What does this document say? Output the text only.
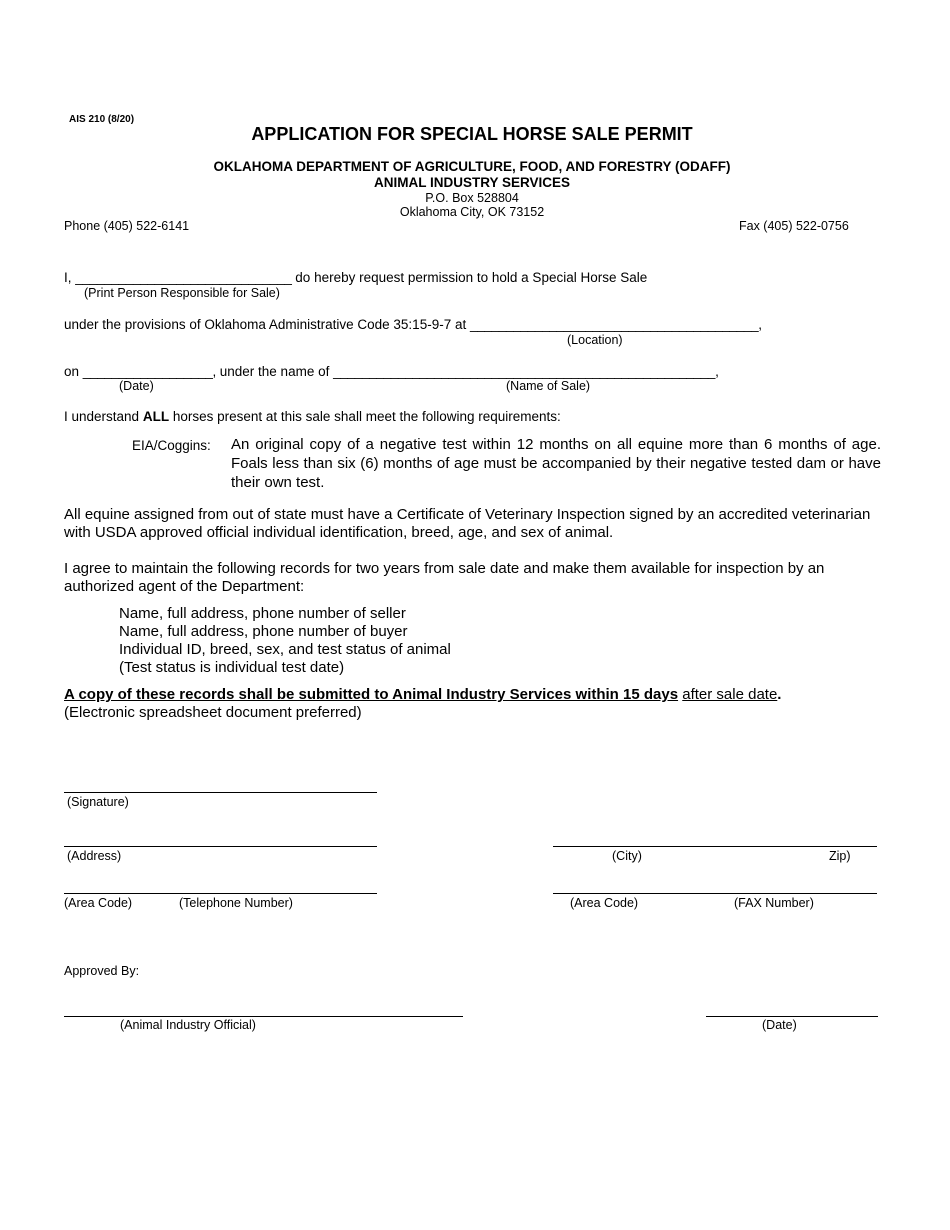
AIS 210 (8/20)
APPLICATION FOR SPECIAL HORSE SALE PERMIT
OKLAHOMA DEPARTMENT OF AGRICULTURE, FOOD, AND FORESTRY (ODAFF)
ANIMAL INDUSTRY SERVICES
P.O. Box 528804
Oklahoma City, OK 73152
Phone (405) 522-6141	Fax (405) 522-0756
I, ______________________________ do hereby request permission to hold a Special Horse Sale
(Print Person Responsible for Sale)
under the provisions of Oklahoma Administrative Code 35:15-9-7 at ________________________________________,
(Location)
on __________________, under the name of _____________________________________________________,
(Date)	(Name of Sale)
I understand ALL horses present at this sale shall meet the following requirements:
EIA/Coggins: An original copy of a negative test within 12 months on all equine more than 6 months of age. Foals less than six (6) months of age must be accompanied by their negative tested dam or have their own test.
All equine assigned from out of state must have a Certificate of Veterinary Inspection signed by an accredited veterinarian with USDA approved official individual identification, breed, age, and sex of animal.
I agree to maintain the following records for two years from sale date and make them available for inspection by an authorized agent of the Department:
Name, full address, phone number of seller
Name, full address, phone number of buyer
Individual ID, breed, sex, and test status of animal
(Test status is individual test date)
A copy of these records shall be submitted to Animal Industry Services within 15 days after sale date.
(Electronic spreadsheet document preferred)
(Signature)
(Address)	(City)	Zip)
(Area Code)	(Telephone Number)	(Area Code)	(FAX Number)
Approved By:
(Animal Industry Official)	(Date)
